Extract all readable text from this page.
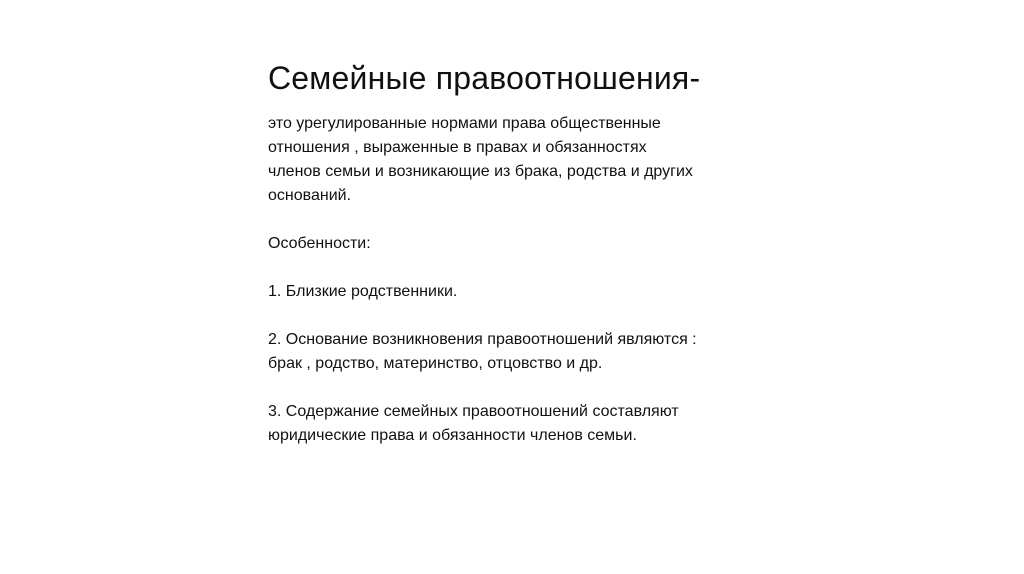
Семейные правоотношения-

это урегулированные нормами права общественные
отношения , выраженные в правах и обязанностях
членов семьи и возникающие из брака, родства и других
оснований.

Особенности:

1. Близкие родственники.

2. Основание возникновения правоотношений являются :
брак , родство, материнство, отцовство и др.

3. Содержание семейных правоотношений составляют
юридические права и обязанности членов семьи.
